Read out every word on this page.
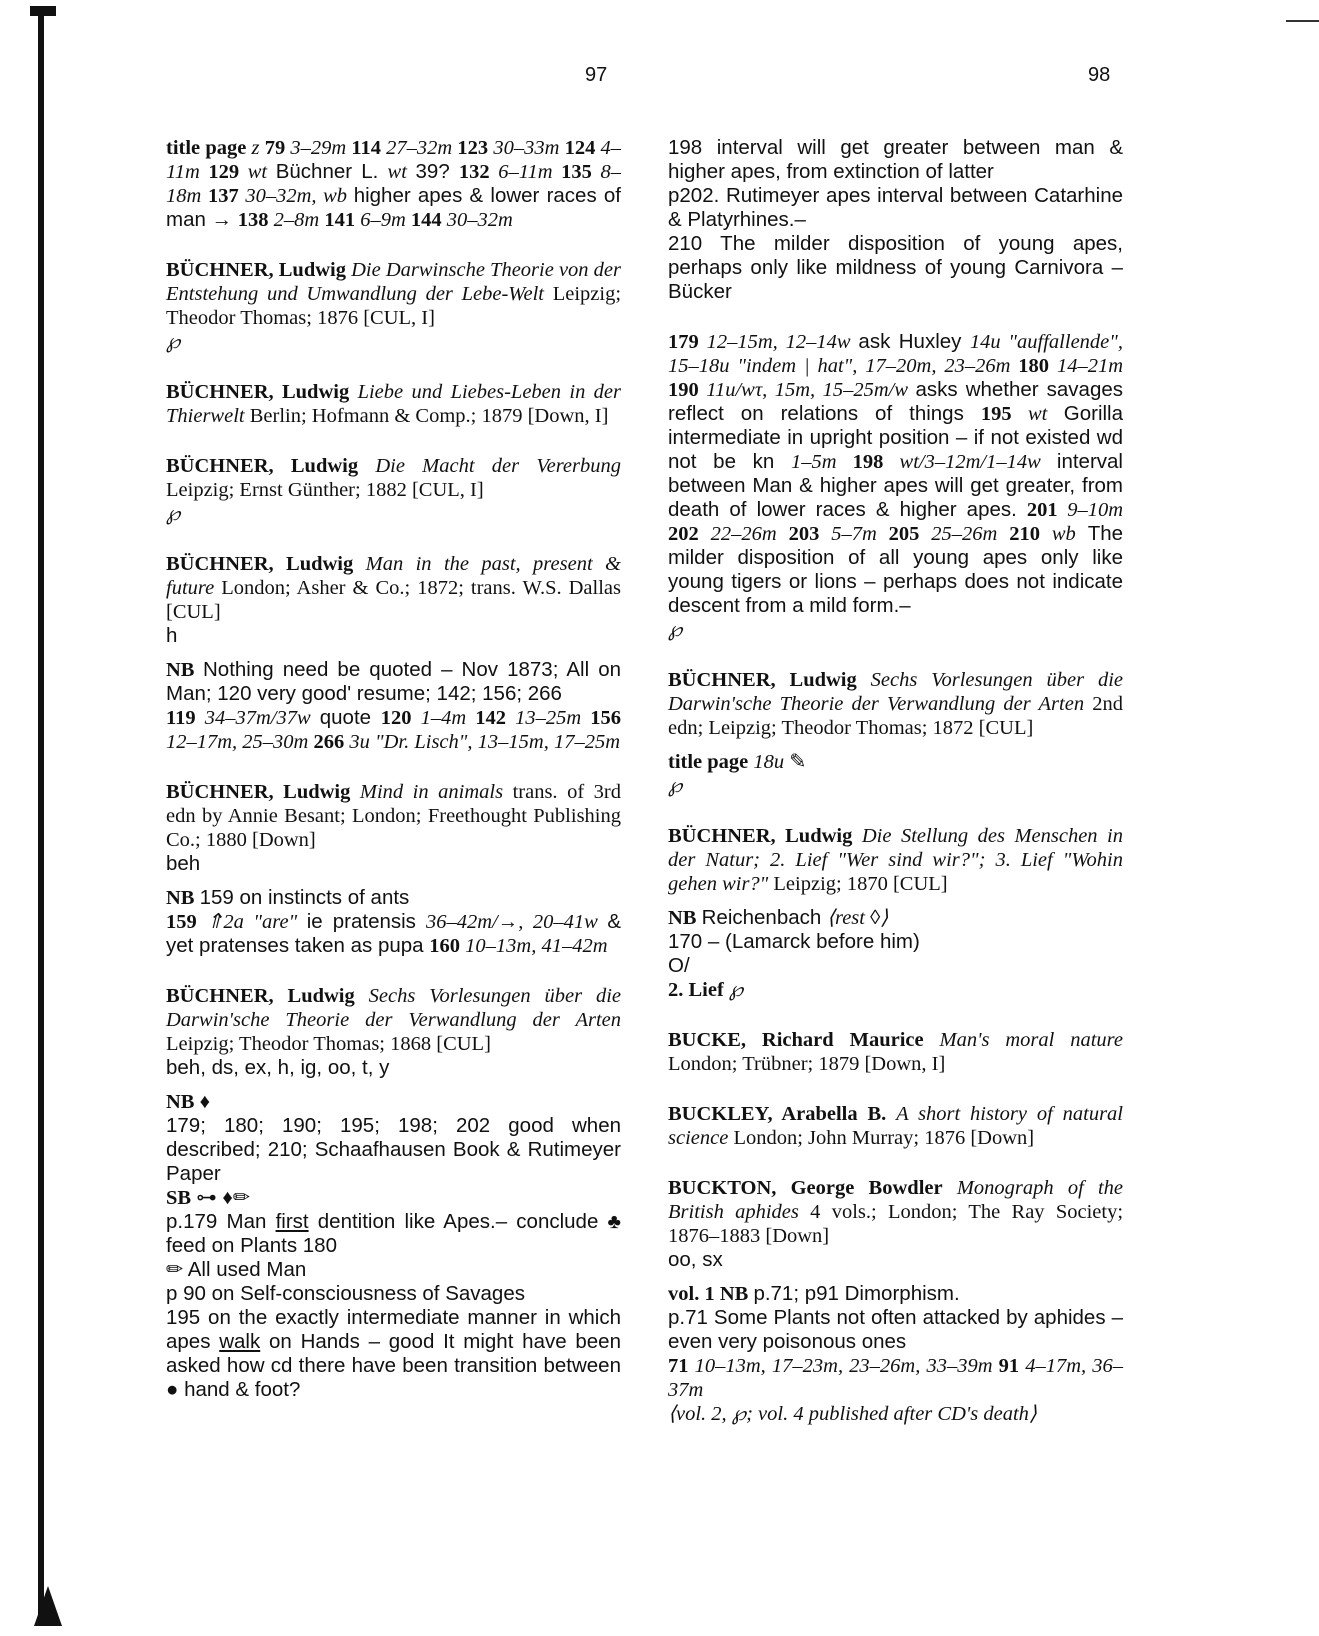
97	98
title page z 79 3–29m 114 27–32m 123 30–33m 124 4–11m 129 wt Büchner L. wt 39? 132 6–11m 135 8–18m 137 30–32m, wb higher apes & lower races of man → 138 2–8m 141 6–9m 144 30–32m
BÜCHNER, Ludwig Die Darwinsche Theorie von der Entstehung und Umwandlung der Lebe-Welt Leipzig; Theodor Thomas; 1876 [CUL, I]
℘
BÜCHNER, Ludwig Liebe und Liebes-Leben in der Thierwelt Berlin; Hofmann & Comp.; 1879 [Down, I]
BÜCHNER, Ludwig Die Macht der Vererbung Leipzig; Ernst Günther; 1882 [CUL, I]
℘
BÜCHNER, Ludwig Man in the past, present & future London; Asher & Co.; 1872; trans. W.S. Dallas [CUL]
h
NB Nothing need be quoted – Nov 1873; All on Man; 120 very good' resume; 142; 156; 266
119 34–37m/37w quote 120 1–4m 142 13–25m 156 12–17m, 25–30m 266 3u "Dr. Lisch", 13–15m, 17–25m
BÜCHNER, Ludwig Mind in animals trans. of 3rd edn by Annie Besant; London; Freethought Publishing Co.; 1880 [Down]
beh
NB 159 on instincts of ants
159 ⇑2a "are" ie pratensis 36–42m/→, 20–41w & yet pratenses taken as pupa 160 10–13m, 41–42m
BÜCHNER, Ludwig Sechs Vorlesungen über die Darwin'sche Theorie der Verwandlung der Arten Leipzig; Theodor Thomas; 1868 [CUL]
beh, ds, ex, h, ig, oo, t, y
NB ♦
179; 180; 190; 195; 198; 202 good when described; 210; Schaafhausen Book & Rutimeyer Paper
SB ⊶ ♦✏
p.179 Man first dentition like Apes.– conclude ♣ feed on Plants 180
✏ All used Man
p 90 on Self-consciousness of Savages
195 on the exactly intermediate manner in which apes walk on Hands – good It might have been asked how cd there have been transition between ● hand & foot?
198 interval will get greater between man & higher apes, from extinction of latter
p202. Rutimeyer apes interval between Catarhine & Platyrhines.–
210 The milder disposition of young apes, perhaps only like mildness of young Carnivora – Bücker
179 12–15m, 12–14w ask Huxley 14u "auffallende", 15–18u "indem | hat", 17–20m, 23–26m 180 14–21m 190 11u/wτ, 15m, 15–25m/w asks whether savages reflect on relations of things 195 wt Gorilla intermediate in upright position – if not existed wd not be kn 1–5m 198 wt/3–12m/1–14w interval between Man & higher apes will get greater, from death of lower races & higher apes. 201 9–10m 202 22–26m 203 5–7m 205 25–26m 210 wb The milder disposition of all young apes only like young tigers or lions – perhaps does not indicate descent from a mild form.–
℘
BÜCHNER, Ludwig Sechs Vorlesungen über die Darwin'sche Theorie der Verwandlung der Arten 2nd edn; Leipzig; Theodor Thomas; 1872 [CUL]
title page 18u ✎
℘
BÜCHNER, Ludwig Die Stellung des Menschen in der Natur; 2. Lief "Wer sind wir?"; 3. Lief "Wohin gehen wir?" Leipzig; 1870 [CUL]
NB Reichenbach ⟨rest ◊⟩
170 – (Lamarck before him)
O/
2. Lief ℘
BUCKE, Richard Maurice Man's moral nature London; Trübner; 1879 [Down, I]
BUCKLEY, Arabella B. A short history of natural science London; John Murray; 1876 [Down]
BUCKTON, George Bowdler Monograph of the British aphides 4 vols.; London; The Ray Society; 1876–1883 [Down]
oo, sx
vol. 1 NB p.71; p91 Dimorphism.
p.71 Some Plants not often attacked by aphides – even very poisonous ones
71 10–13m, 17–23m, 23–26m, 33–39m 91 4–17m, 36–37m
⟨vol. 2, ℘; vol. 4 published after CD's death⟩
